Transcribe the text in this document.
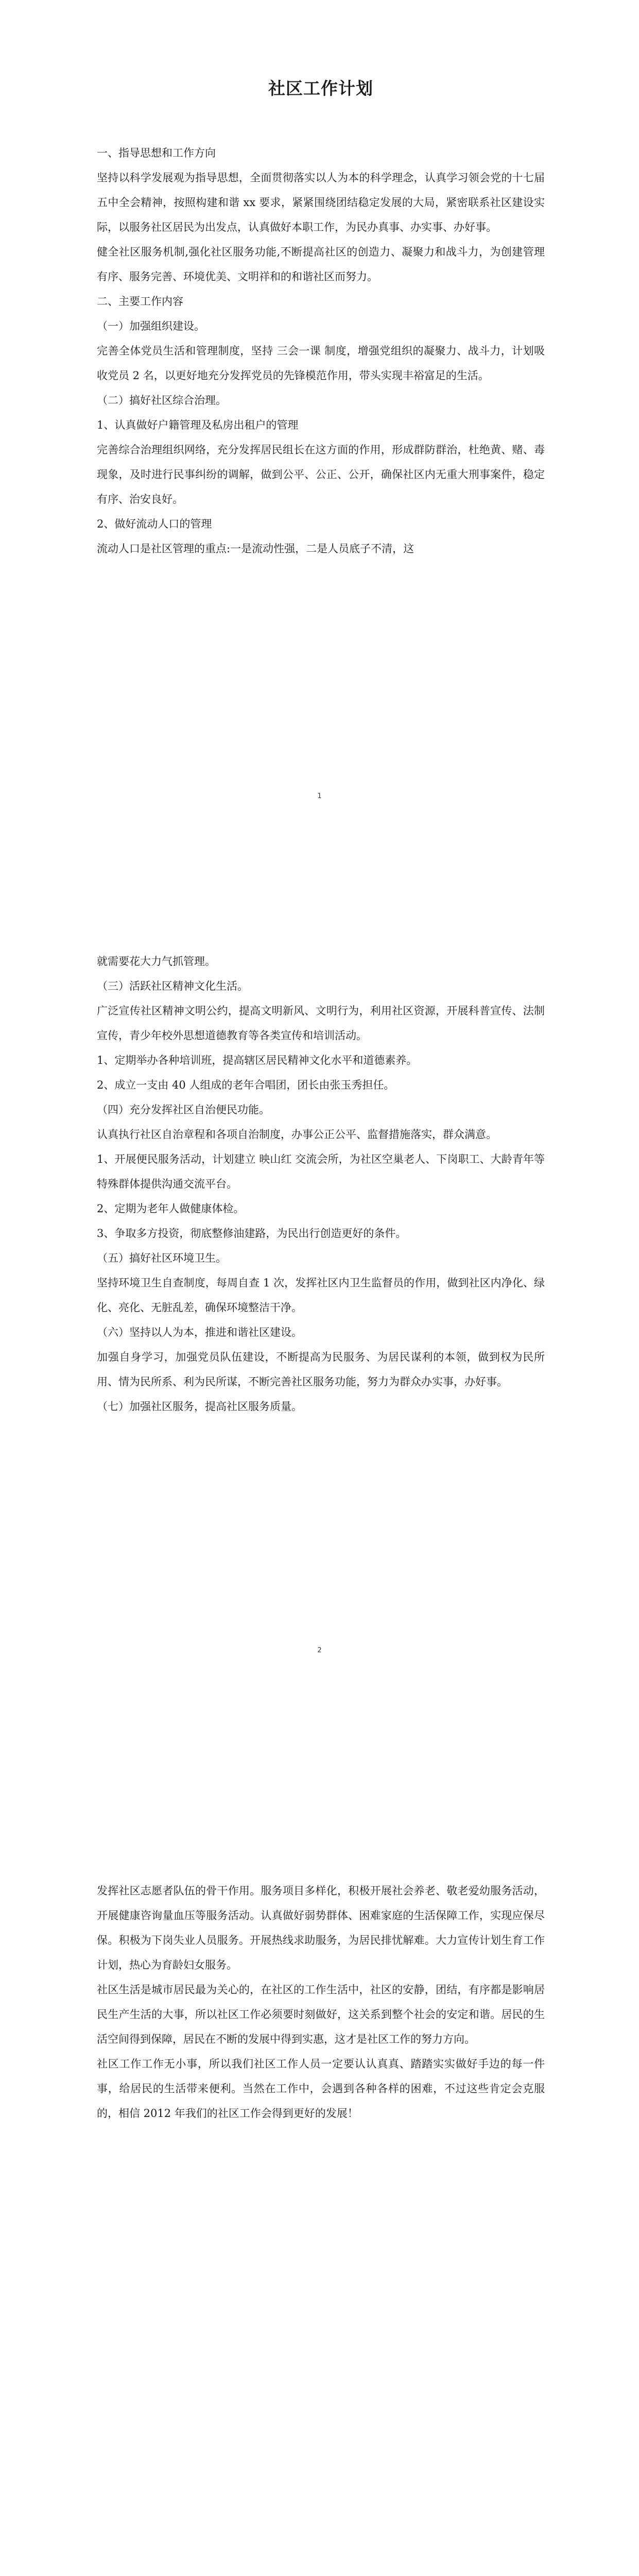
社区工作计划

一、指导思想和工作方向

坚持以科学发展观为指导思想，全面贯彻落实以人为本的科学理念，认真学习领会党的十七届五中全会精神，按照构建和谐 xx 要求，紧紧围绕团结稳定发展的大局，紧密联系社区建设实际，以服务社区居民为出发点，认真做好本职工作，为民办真事、办实事、办好事。

健全社区服务机制,强化社区服务功能,不断提高社区的创造力、凝聚力和战斗力，为创建管理有序、服务完善、环境优美、文明祥和的和谐社区而努力。

二、主要工作内容

（一）加强组织建设。

完善全体党员生活和管理制度，坚持 三会一课 制度，增强党组织的凝聚力、战斗力，计划吸收党员 2 名，以更好地充分发挥党员的先锋模范作用，带头实现丰裕富足的生活。

（二）搞好社区综合治理。

1、认真做好户籍管理及私房出租户的管理

完善综合治理组织网络，充分发挥居民组长在这方面的作用，形成群防群治，杜绝黄、赌、毒现象，及时进行民事纠纷的调解，做到公平、公正、公开，确保社区内无重大刑事案件，稳定有序、治安良好。

2、做好流动人口的管理

流动人口是社区管理的重点:一是流动性强，二是人员底子不清，这

1

就需要花大力气抓管理。

（三）活跃社区精神文化生活。

广泛宣传社区精神文明公约，提高文明新风、文明行为，利用社区资源，开展科普宣传、法制宣传，青少年校外思想道德教育等各类宣传和培训活动。

1、定期举办各种培训班，提高辖区居民精神文化水平和道德素养。

2、成立一支由 40 人组成的老年合唱团，团长由张玉秀担任。

（四）充分发挥社区自治便民功能。

认真执行社区自治章程和各项自治制度，办事公正公平、监督措施落实，群众满意。

1、开展便民服务活动，计划建立 映山红 交流会所，为社区空巢老人、下岗职工、大龄青年等特殊群体提供沟通交流平台。

2、定期为老年人做健康体检。

3、争取多方投资，彻底整修油建路，为民出行创造更好的条件。

（五）搞好社区环境卫生。

坚持环境卫生自查制度，每周自查 1 次，发挥社区内卫生监督员的作用，做到社区内净化、绿化、亮化、无脏乱差，确保环境整洁干净。

（六）坚持以人为本，推进和谐社区建设。

加强自身学习，加强党员队伍建设，不断提高为民服务、为居民谋利的本领，做到权为民所用、情为民所系、利为民所谋，不断完善社区服务功能，努力为群众办实事，办好事。

（七）加强社区服务，提高社区服务质量。

2

发挥社区志愿者队伍的骨干作用。服务项目多样化，积极开展社会养老、敬老爱幼服务活动，开展健康咨询量血压等服务活动。认真做好弱势群体、困难家庭的生活保障工作，实现应保尽保。积极为下岗失业人员服务。开展热线求助服务，为居民排忧解难。大力宣传计划生育工作计划，热心为育龄妇女服务。

社区生活是城市居民最为关心的，在社区的工作生活中，社区的安静，团结，有序都是影响居民生产生活的大事，所以社区工作必须要时刻做好，这关系到整个社会的安定和谐。居民的生活空间得到保障，居民在不断的发展中得到实惠，这才是社区工作的努力方向。

社区工作工作无小事，所以我们社区工作人员一定要认认真真、踏踏实实做好手边的每一件事，给居民的生活带来便利。当然在工作中，会遇到各种各样的困难，不过这些肯定会克服的，相信 2012 年我们的社区工作会得到更好的发展！
